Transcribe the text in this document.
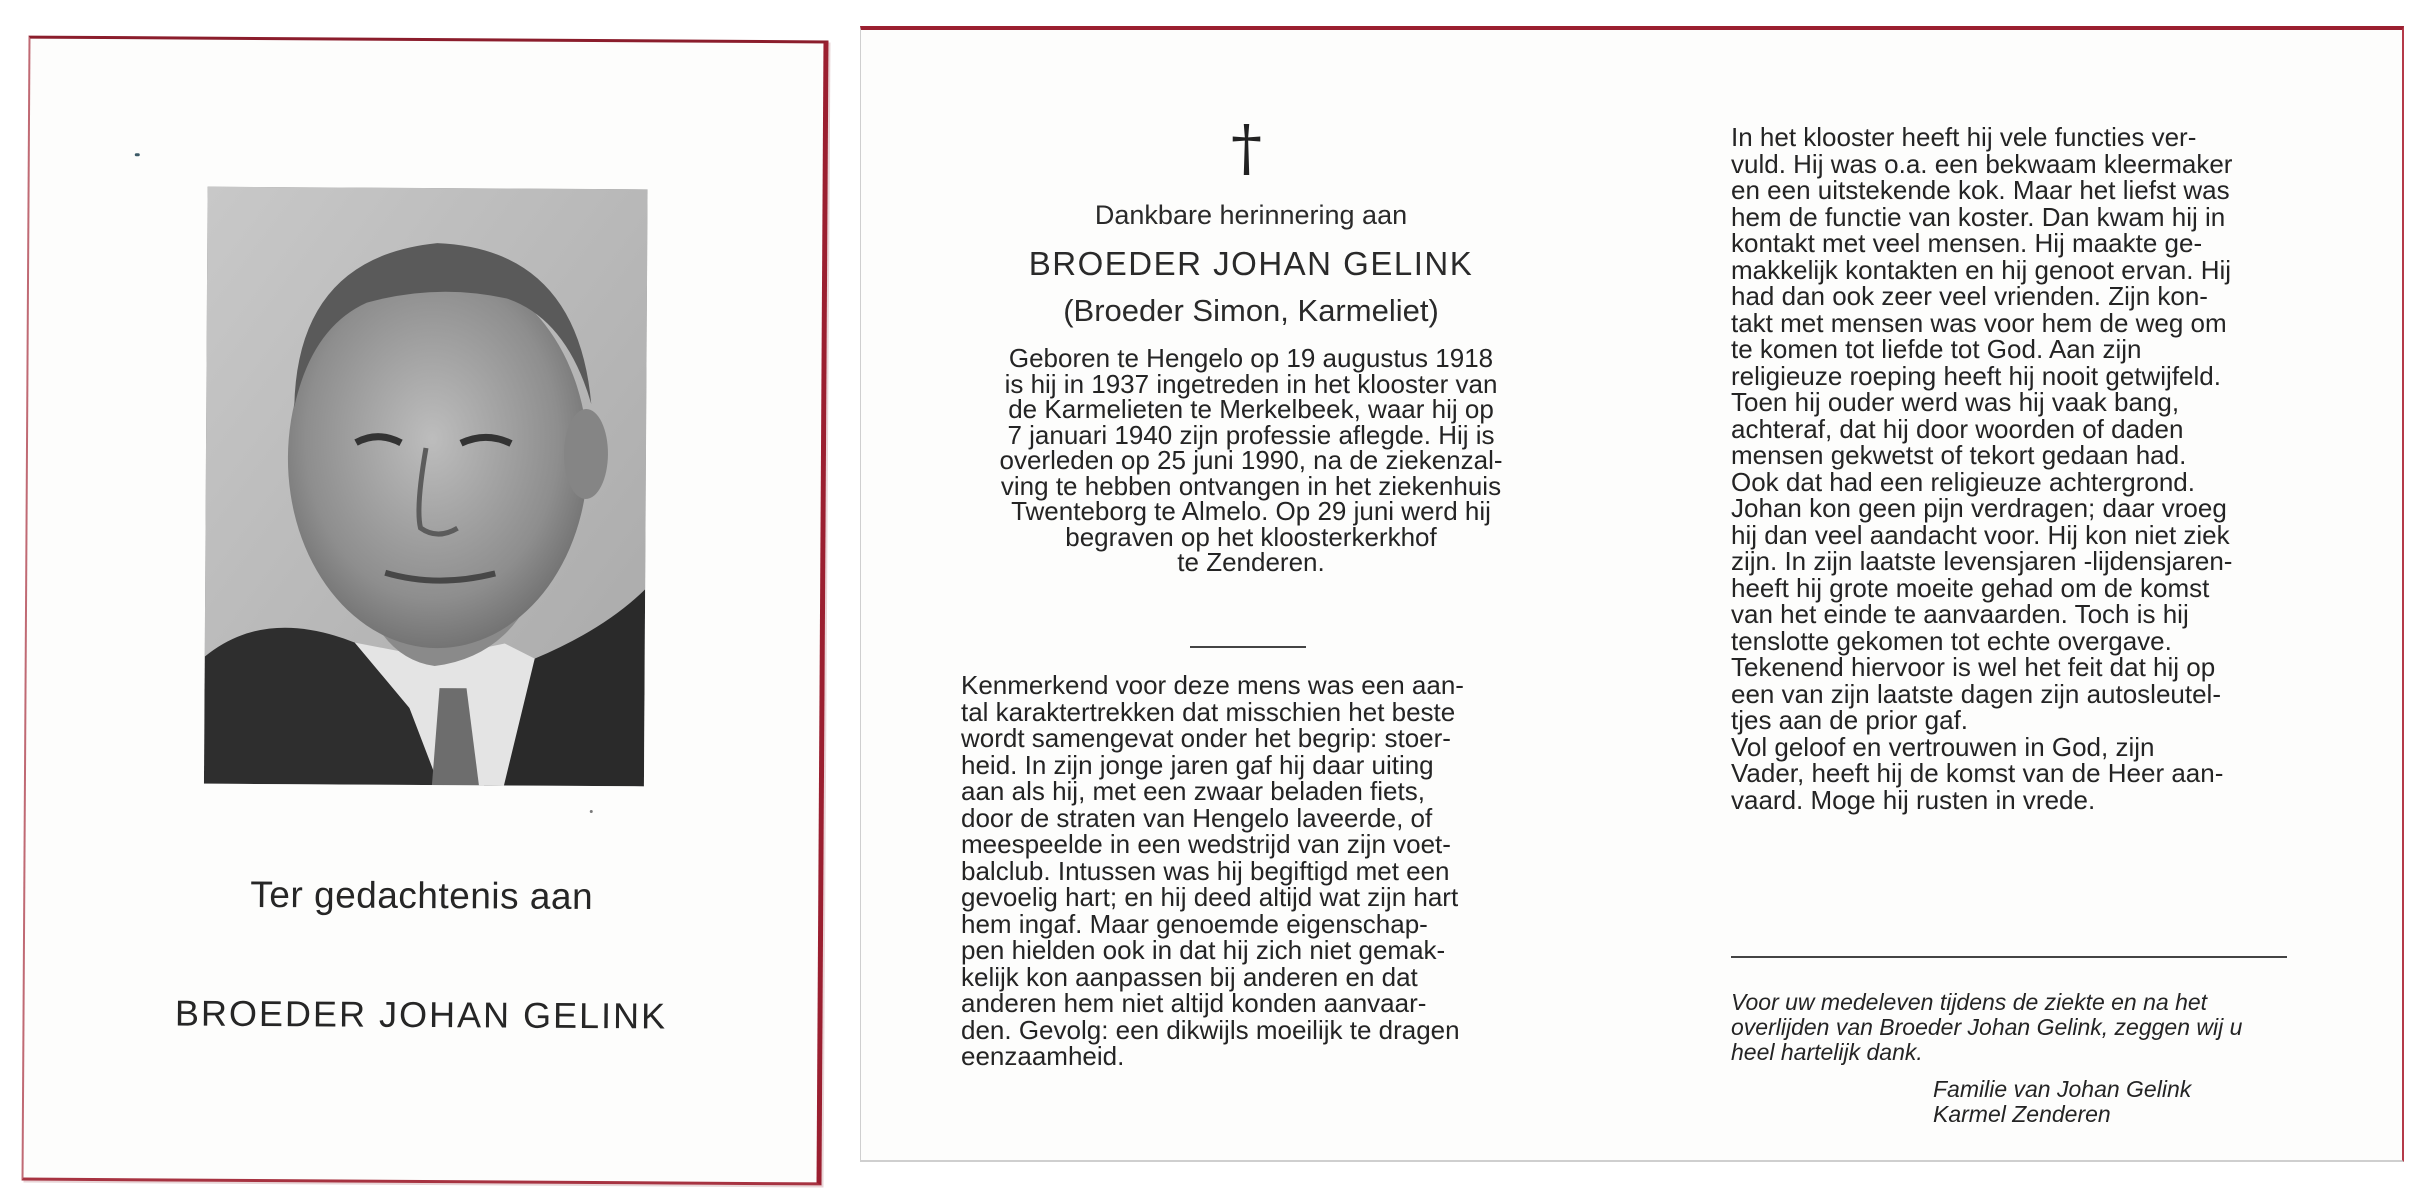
Ter gedachtenis aan
BROEDER JOHAN GELINK
†
Dankbare herinnering aan
BROEDER JOHAN GELINK
(Broeder Simon, Karmeliet)

Geboren te Hengelo op 19 augustus 1918

is hij in 1937 ingetreden in het klooster van

de Karmelieten te Merkelbeek, waar hij op

7 januari 1940 zijn professie aflegde. Hij is

overleden op 25 juni 1990, na de ziekenzal-

ving te hebben ontvangen in het ziekenhuis

Twenteborg te Almelo. Op 29 juni werd hij

begraven op het kloosterkerkhof

te Zenderen.

Kenmerkend voor deze mens was een aan-

tal karaktertrekken dat misschien het beste

wordt samengevat onder het begrip: stoer-

heid. In zijn jonge jaren gaf hij daar uiting

aan als hij, met een zwaar beladen fiets,

door de straten van Hengelo laveerde, of

meespeelde in een wedstrijd van zijn voet-

balclub. Intussen was hij begiftigd met een

gevoelig hart; en hij deed altijd wat zijn hart

hem ingaf. Maar genoemde eigenschap-

pen hielden ook in dat hij zich niet gemak-

kelijk kon aanpassen bij anderen en dat

anderen hem niet altijd konden aanvaar-

den. Gevolg: een dikwijls moeilijk te dragen

eenzaamheid.

In het klooster heeft hij vele functies ver-

vuld. Hij was o.a. een bekwaam kleermaker

en een uitstekende kok. Maar het liefst was

hem de functie van koster. Dan kwam hij in

kontakt met veel mensen. Hij maakte ge-

makkelijk kontakten en hij genoot ervan. Hij

had dan ook zeer veel vrienden. Zijn kon-

takt met mensen was voor hem de weg om

te komen tot liefde tot God. Aan zijn

religieuze roeping heeft hij nooit getwijfeld.

Toen hij ouder werd was hij vaak bang,

achteraf, dat hij door woorden of daden

mensen gekwetst of tekort gedaan had.

Ook dat had een religieuze achtergrond.

Johan kon geen pijn verdragen; daar vroeg

hij dan veel aandacht voor. Hij kon niet ziek

zijn. In zijn laatste levensjaren -lijdensjaren-

heeft hij grote moeite gehad om de komst

van het einde te aanvaarden. Toch is hij

tenslotte gekomen tot echte overgave.

Tekenend hiervoor is wel het feit dat hij op

een van zijn laatste dagen zijn autosleutel-

tjes aan de prior gaf.

Vol geloof en vertrouwen in God, zijn

Vader, heeft hij de komst van de Heer aan-

vaard. Moge hij rusten in vrede.

Voor uw medeleven tijdens de ziekte en na het
overlijden van Broeder Johan Gelink, zeggen wij u
heel hartelijk dank.
Familie van Johan Gelink
Karmel Zenderen
